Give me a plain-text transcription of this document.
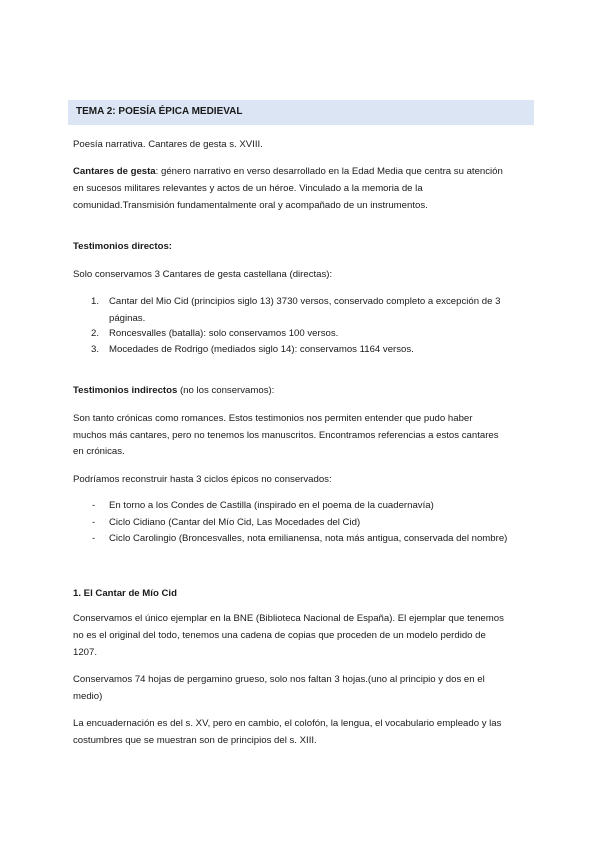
TEMA 2: POESÍA ÉPICA MEDIEVAL
Poesía narrativa. Cantares de gesta s. XVIII.
Cantares de gesta: género narrativo en verso desarrollado en la Edad Media que centra su atención
en sucesos militares relevantes y actos de un héroe. Vinculado a la memoria de la
comunidad.Transmisión fundamentalmente oral y acompañado de un instrumentos.
Testimonios directos:
Solo conservamos 3 Cantares de gesta castellana (directas):
1. Cantar del Mio Cid (principios siglo 13) 3730 versos, conservado completo a excepción de 3
páginas.
2. Roncesvalles (batalla): solo conservamos 100 versos.
3. Mocedades de Rodrigo (mediados siglo 14): conservamos 1164 versos.
Testimonios indirectos (no los conservamos):
Son tanto crónicas como romances. Estos testimonios nos permiten entender que pudo haber
muchos más cantares, pero no tenemos los manuscritos. Encontramos referencias a estos cantares
en crónicas.
Podríamos reconstruir hasta 3 ciclos épicos no conservados:
- En torno a los Condes de Castilla (inspirado en el poema de la cuadernavía)
- Ciclo Cidiano (Cantar del Mío Cid, Las Mocedades del Cid)
- Ciclo Carolingio (Broncesvalles, nota emilianensa, nota más antigua, conservada del nombre)
1. El Cantar de Mío Cid
Conservamos el único ejemplar en la BNE (Biblioteca Nacional de España). El ejemplar que tenemos
no es el original del todo, tenemos una cadena de copias que proceden de un modelo perdido de
1207.
Conservamos 74 hojas de pergamino grueso, solo nos faltan 3 hojas.(uno al principio y dos en el
medio)
La encuadernación es del s. XV, pero en cambio, el colofón, la lengua, el vocabulario empleado y las
costumbres que se muestran son de principios del s. XIII.
